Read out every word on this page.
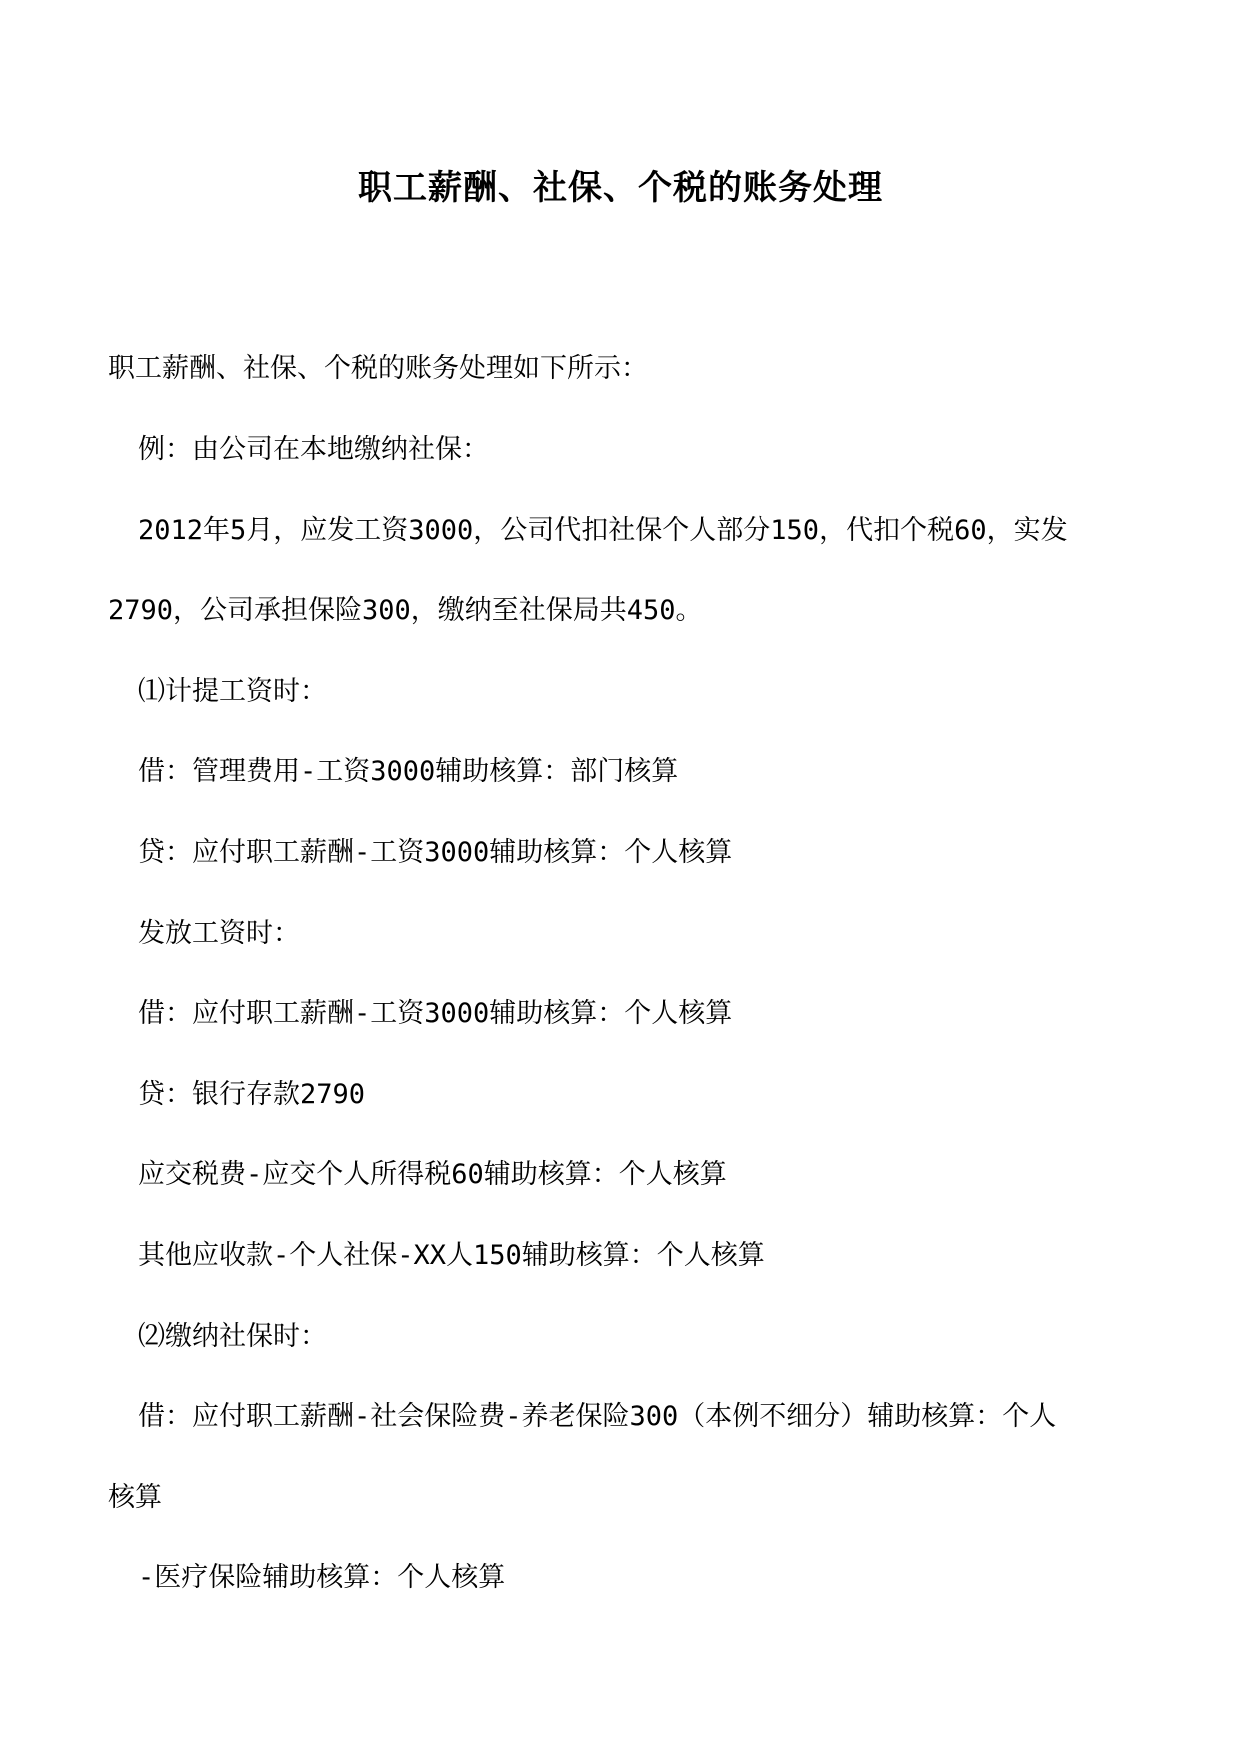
职工薪酬、社保、个税的账务处理

职工薪酬、社保、个税的账务处理如下所示：

例：由公司在本地缴纳社保：

2012年5月，应发工资3000，公司代扣社保个人部分150，代扣个税60，实发

2790，公司承担保险300，缴纳至社保局共450。

⑴计提工资时：

借：管理费用-工资3000辅助核算：部门核算

贷：应付职工薪酬-工资3000辅助核算：个人核算

发放工资时：

借：应付职工薪酬-工资3000辅助核算：个人核算

贷：银行存款2790

应交税费-应交个人所得税60辅助核算：个人核算

其他应收款-个人社保-XX人150辅助核算：个人核算

⑵缴纳社保时：

借：应付职工薪酬-社会保险费-养老保险300（本例不细分）辅助核算：个人

核算

-医疗保险辅助核算：个人核算
